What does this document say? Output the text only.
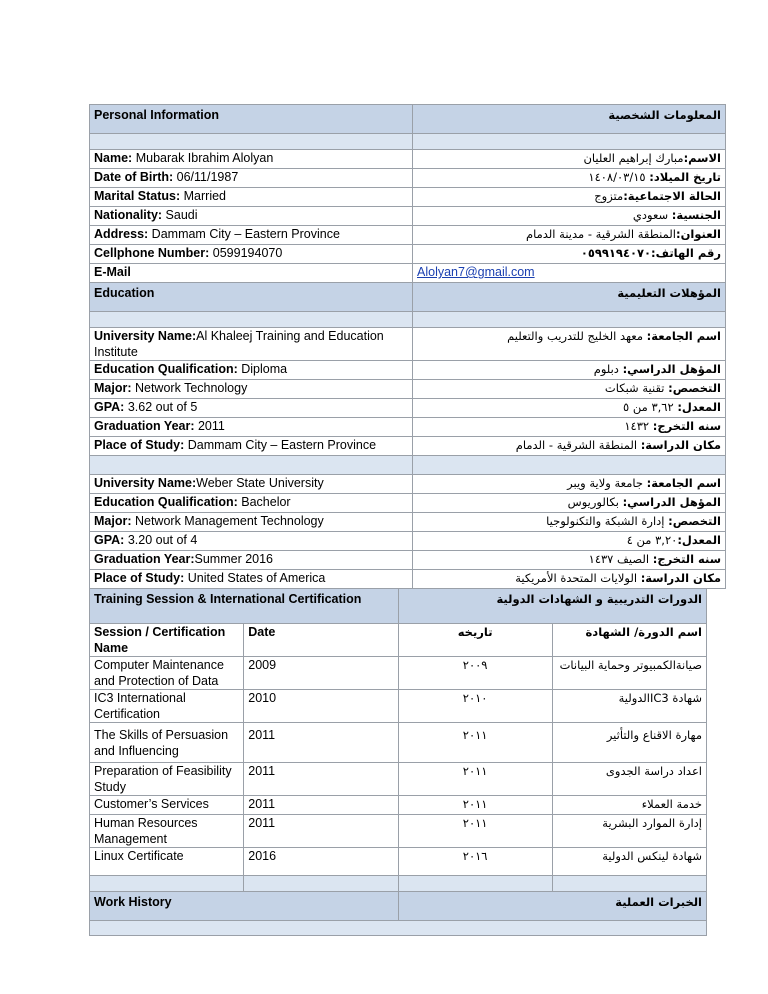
Personal Information	المعلومات الشخصية

Name: Mubarak Ibrahim Alolyan	الاسم:مبارك إبراهيم العليان
Date of Birth: 06/11/1987	تاريخ الميلاد: ١٤٠٨/٠٣/١٥
Marital Status: Married	الحالة الاجتماعية:متزوج
Nationality: Saudi	الجنسية: سعودي
Address: Dammam City – Eastern Province	العنوان:المنطقة الشرقية - مدينة الدمام
Cellphone Number: 0599194070	رقم الهاتف:٠٥٩٩١٩٤٠٧٠
E-Mail	Alolyan7@gmail.com
Education	المؤهلات التعليمية

University Name:Al Khaleej Training and Education Institute	اسم الجامعة: معهد الخليج للتدريب والتعليم
Education Qualification: Diploma	المؤهل الدراسي: دبلوم
Major: Network Technology	التخصص: تقنية شبكات
GPA: 3.62 out of 5	المعدل: ٣,٦٢ من ٥
Graduation Year: 2011	سنه التخرج: ١٤٣٢
Place of Study: Dammam City – Eastern Province	مكان الدراسة: المنطقة الشرقية - الدمام

University Name:Weber State University	اسم الجامعة: جامعة ولاية ويبر
Education Qualification: Bachelor	المؤهل الدراسي: بكالوريوس
Major: Network Management Technology	التخصص: إدارة الشبكة والتكنولوجيا
GPA: 3.20 out of 4	المعدل:٣,٢٠ من ٤
Graduation Year:Summer 2016	سنه التخرج: الصيف ١٤٣٧
Place of Study: United States of America	مكان الدراسة: الولايات المتحدة الأمريكية
Training Session & International Certification		الدورات التدريبية و الشهادات الدولية	
Session / Certification Name	Date	تاريخه	اسم الدورة/ الشهادة
Computer Maintenance and Protection of Data	2009	٢٠٠٩	صيانةالكمبيوتر وحماية البيانات
IC3 International Certification	2010	٢٠١٠	شهادة IC3الدولية
The Skills of Persuasion and Influencing	2011	٢٠١١	مهارة الاقناع والتأثير
Preparation of Feasibility Study	2011	٢٠١١	اعداد دراسة الجدوى
Customer’s Services	2011	٢٠١١	خدمة العملاء
Human Resources Management	2011	٢٠١١	إدارة الموارد البشرية
Linux Certificate	2016	٢٠١٦	شهادة لينكس الدولية

Work History		الخبرات العملية	
